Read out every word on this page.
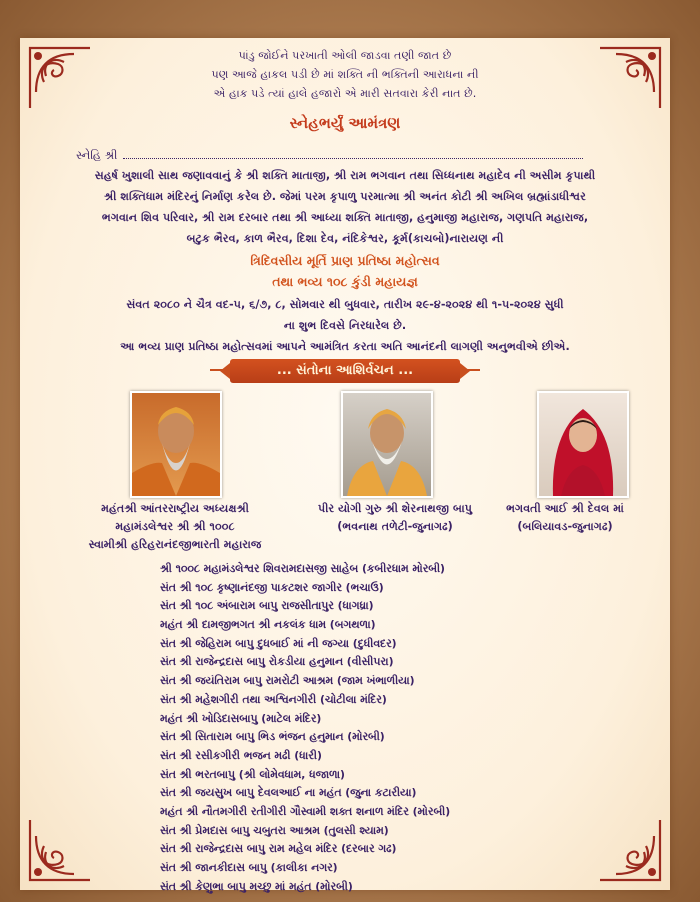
પાંડુ જોઈને પરખાતી ઓલી જાડવા તણી જાત છે
પણ આજે હાકલ પડી છે માં શક્તિ ની ભક્તિની આરાધના ની
એ હાક પડે ત્યાં હાલે હજારો એ મારી સતવારા કેરી નાત છે.
સ્નેહભર્યું આમંત્રણ
સ્નેહિ શ્રી
સહર્ષ ખુશાલી સાથ જણાવવાનું કે શ્રી શક્તિ માતાજી, શ્રી રામ ભગવાન તથા સિધ્ધનાથ મહાદેવ ની અસીમ કૃપાથી
શ્રી શક્તિધામ મંદિરનું નિર્માણ કરેલ છે. જેમાં પરમ કૃપાળુ પરમાત્મા શ્રી અનંત કોટી શ્રી અખિલ બ્રહ્માંડાધીશ્વર
ભગવાન શિવ પરિવાર, શ્રી રામ દરબાર તથા શ્રી આધ્યા શક્તિ માતાજી, હનુમાજી મહારાજ, ગણપતિ મહારાજ,
બટુક ભૈરવ, કાળ ભૈરવ, દિશા દેવ, નંદિકેશ્વર, કૂર્મ(કાચબો)નારાયણ ની
ત્રિદિવસીય મૂર્તિ પ્રાણ પ્રતિષ્ઠા મહોત્સવ
તથા ભવ્ય ૧૦૮ કુંડી મહાયજ્ઞ
સંવત ૨૦૮૦ ને ચૈત્ર વદ-૫, ૬/૭, ૮, સોમવાર થી બુધવાર, તારીખ ૨૯-૪-૨૦૨૪ થી ૧-૫-૨૦૨૪ સુધી
ના શુભ દિવસે નિરધારેલ છે.
આ ભવ્ય પ્રાણ પ્રતિષ્ઠા મહોત્સવમાં આપને આમંત્રિત કરતા અતિ આનંદની લાગણી અનુભવીએ છીએ.
... સંતોના આશિર્વચન ...
મહંતશ્રી આંતરરાષ્ટ્રીય અધ્યક્ષશ્રી
મહામંડલેશ્વર શ્રી શ્રી ૧૦૦૮
સ્વામીશ્રી હરિહરાનંદજીભારતી મહારાજ
પીર યોગી ગુરુ શ્રી શેરનાથજી બાપુ
(ભવનાથ તળેટી-જુનાગઢ)
ભગવતી આઈ શ્રી દેવલ માં
(બલિયાવડ-જુનાગઢ)
શ્રી ૧૦૦૮ મહામંડલેશ્વર શિવરામદાસજી સાહેબ (કબીરધામ મોરબી)
સંત શ્રી ૧૦૮ કૃષ્ણાનંદજી પાકટશર જાગીર (ભચાઉ)
સંત શ્રી ૧૦૮ અંબારામ બાપુ રાજસીતાપુર (ધાગધ્રા)
મહંત શ્રી દામજીભગત શ્રી નકલંક ધામ (બગથળા)
સંત શ્રી જેહિરામ બાપુ દુધબાઈ માં ની જગ્યા (દુધીવદર)
સંત શ્રી રાજેન્દ્રદાસ બાપુ રોકડીયા હનુમાન (વીસીપરા)
સંત શ્રી જયંતિરામ બાપુ રામરોટી આશ્રમ (જામ ખંભાળીયા)
સંત શ્રી મહેશગીરી તથા અશ્વિનગીરી (ચોટીલા મંદિર)
મહંત શ્રી ખોડિદાસબાપુ (માટેલ મંદિર)
સંત શ્રી સિતારામ બાપુ ભિડ ભંજન હનુમાન (મોરબી)
સંત શ્રી રસીકગીરી ભજન મઢી (ધારી)
સંત શ્રી ભરતબાપુ (શ્રી લોમેવધામ, ધજાળા)
સંત શ્રી જયસુખ બાપુ દેવલઆઈ ના મહંત (જુના કટારીયા)
મહંત શ્રી નૌતમગીરી રતીગીરી ગૌસ્વામી શક્ત શનાળ મંદિર (મોરબી)
સંત શ્રી પ્રેમદાસ બાપુ ચબુતરા આશ્રમ (તુલસી શ્યામ)
સંત શ્રી રાજેન્દ્રદાસ બાપુ રામ મહેલ મંદિર (દરબાર ગઢ)
સંત શ્રી જાનકીદાસ બાપુ (કાલીકા નગર)
સંત શ્રી કેણુભા બાપુ મચ્છુ માં મહંત (મોરબી)
